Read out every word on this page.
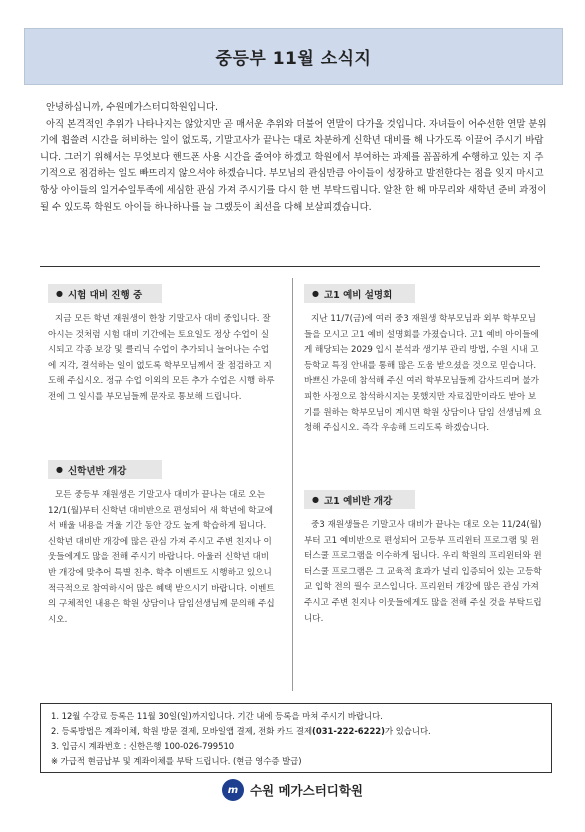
중등부 11월 소식지

안녕하십니까, 수원메가스터디학원입니다.

아직 본격적인 추위가 나타나지는 않았지만 곧 매서운 추위와 더불어 연말이 다가올 것입니다. 자녀들이 어수선한 연말 분위기에 휩쓸려 시간을 허비하는 일이 없도록, 기말고사가 끝나는 대로 차분하게 신학년 대비를 해 나가도록 이끌어 주시기 바랍니다. 그러기 위해서는 무엇보다 핸드폰 사용 시간을 줄여야 하겠고 학원에서 부여하는 과제를 꼼꼼하게 수행하고 있는 지 주기적으로 점검하는 일도 빠뜨리지 않으셔야 하겠습니다. 부모님의 관심만큼 아이들이 성장하고 발전한다는 점을 잊지 마시고 항상 아이들의 일거수일투족에 세심한 관심 가져 주시기를 다시 한 번 부탁드립니다. 알찬 한 해 마무리와 새학년 준비 과정이 될 수 있도록 학원도 아이들 하나하나를 늘 그랬듯이 최선을 다해 보살피겠습니다.

● 시험 대비 진행 중

지금 모든 학년 재원생이 한창 기말고사 대비 중입니다. 잘 아시는 것처럼 시험 대비 기간에는 토요일도 정상 수업이 실시되고 각종 보강 및 클리닉 수업이 추가되니 늘어나는 수업에 지각, 결석하는 일이 없도록 학부모님께서 잘 점검하고 지도해 주십시오. 정규 수업 이외의 모든 추가 수업은 시행 하루 전에 그 일시를 부모님들께 문자로 통보해 드립니다.

● 신학년반 개강

모든 중등부 재원생은 기말고사 대비가 끝나는 대로 오는 12/1(월)부터 신학년 대비반으로 편성되어 새 학년에 학교에서 배울 내용을 겨울 기간 동안 강도 높게 학습하게 됩니다. 신학년 대비반 개강에 많은 관심 가져 주시고 주변 친지나 이웃들에게도 많을 전해 주시기 바랍니다. 아울러 신학년 대비반 개강에 맞추어 특별 친추. 학추 이벤트도 시행하고 있으니 적극적으로 참여하시어 많은 혜택 받으시기 바랍니다. 이벤트의 구체적인 내용은 학원 상담이나 담임선생님께 문의해 주십시오.

● 고1 예비 설명회

지난 11/7(금)에 여러 중3 재원생 학부모님과 외부 학부모님들을 모시고 고1 예비 설명회를 가졌습니다. 고1 예비 아이들에게 해당되는 2029 입시 분석과 생기부 관리 방법, 수원 시내 고등학교 특징 안내를 통해 많은 도움 받으셨을 것으로 믿습니다. 바쁘신 가운데 참석해 주신 여러 학부모님들께 감사드리며 불가피한 사정으로 참석하시지는 못했지만 자료집만이라도 받아 보기를 원하는 학부모님이 계시면 학원 상담이나 담임 선생님께 요청해 주십시오. 즉각 우송해 드리도록 하겠습니다.

● 고1 예비반 개강

중3 재원생들은 기말고사 대비가 끝나는 대로 오는 11/24(월)부터 고1 예비반으로 편성되어 고등부 프리윈터 프로그램 및 윈터스쿨 프로그램을 이수하게 됩니다. 우리 학원의 프리윈터와 윈터스쿨 프로그램은 그 교육적 효과가 널리 입증되어 있는 고등학교 입학 전의 필수 코스입니다. 프리윈터 개강에 많은 관심 가져 주시고 주변 친지나 이웃들에게도 많을 전해 주실 것을 부탁드립니다.

1. 12월 수강료 등록은 11월 30일(일)까지입니다. 기간 내에 등록을 마쳐 주시기 바랍니다.
2. 등록방법은 계좌이체, 학원 방문 결제, 모바일앱 결제, 전화 카드 결제(031-222-6222)가 있습니다.
3. 입금시 계좌번호 : 신한은행 100-026-799510
※ 가급적 현금납부 및 계좌이체를 부탁 드립니다. (현금 영수증 발급)
m 수원 메가스터디학원
